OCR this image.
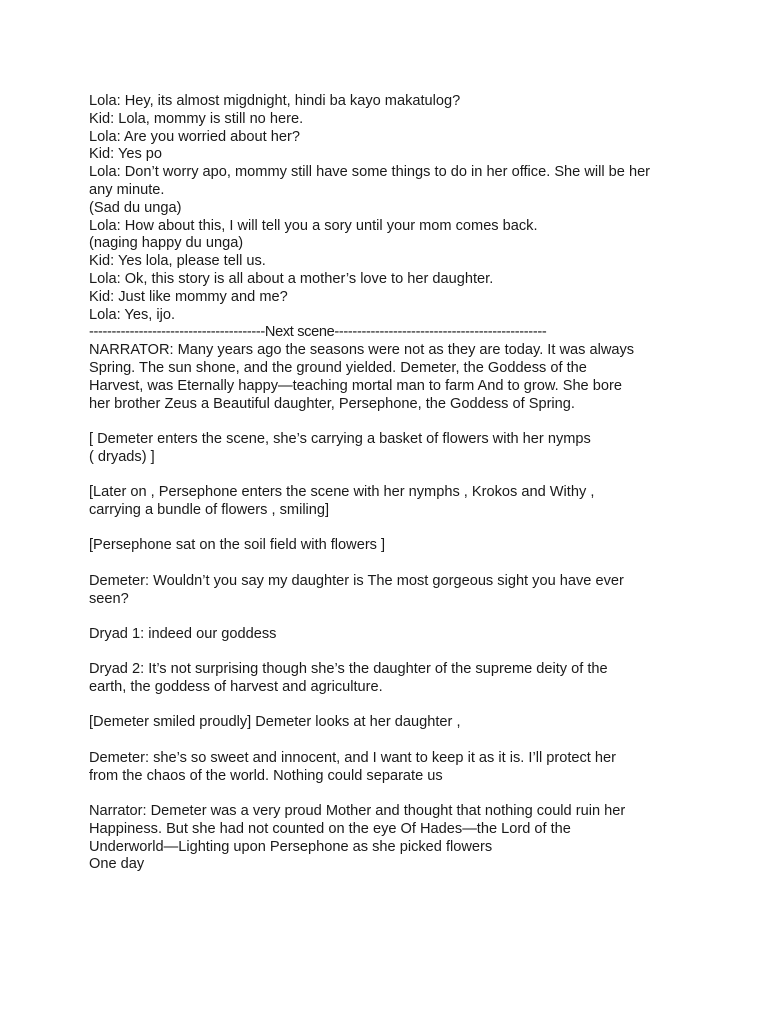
Lola: Hey, its almost migdnight, hindi ba kayo makatulog?

Kid: Lola, mommy is still no here.

Lola: Are you worried about her?

Kid: Yes po

Lola: Don’t worry apo, mommy still have some things to do in her office. She will be her

any minute.

(Sad du unga)

Lola: How about this, I will tell you a sory until your mom comes back.

(naging happy du unga)

Kid: Yes lola, please tell us.

Lola: Ok, this story is all about a mother’s love to her daughter.

Kid: Just like mommy and me?

Lola: Yes, ijo.

---------------------------------------Next scene-----------------------------------------------

NARRATOR: Many years ago the seasons were not as they are today. It was always

Spring. The sun shone, and the ground yielded. Demeter, the Goddess of the

Harvest, was Eternally happy—teaching mortal man to farm And to grow. She bore

her brother Zeus a Beautiful daughter, Persephone, the Goddess of Spring.

[ Demeter enters the scene, she’s carrying a basket of flowers with her nymps

( dryads) ]

[Later on , Persephone enters the scene with her nymphs , Krokos and Withy ,

carrying a bundle of flowers , smiling]

[Persephone sat on the soil field with flowers ]

Demeter: Wouldn’t you say my daughter is The most gorgeous sight you have ever

seen?

Dryad 1: indeed our goddess

Dryad 2: It’s not surprising though she’s the daughter of the supreme deity of the

earth, the goddess of harvest and agriculture.

[Demeter smiled proudly] Demeter looks at her daughter ,

Demeter: she’s so sweet and innocent, and I want to keep it as it is. I’ll protect her

from the chaos of the world. Nothing could separate us

Narrator: Demeter was a very proud Mother and thought that nothing could ruin her

Happiness. But she had not counted on the eye Of Hades—the Lord of the

Underworld—Lighting upon Persephone as she picked flowers

One day
